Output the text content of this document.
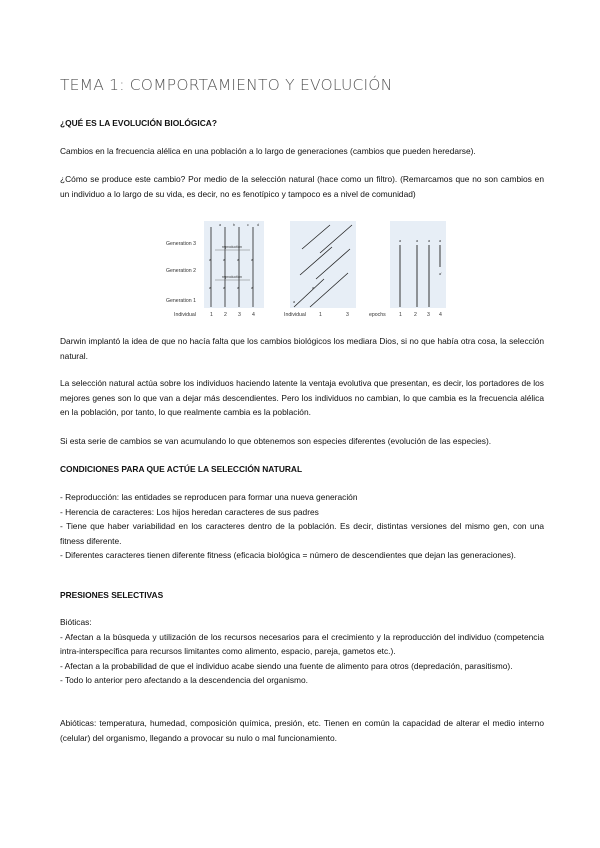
TEMA 1: COMPORTAMIENTO Y EVOLUCIÓN
¿QUÉ ES LA EVOLUCIÓN BIOLÓGICA?
Cambios en la frecuencia alélica en una población a lo largo de generaciones (cambios que pueden heredarse).
¿Cómo se produce este cambio? Por medio de la selección natural (hace como un filtro). (Remarcamos que no son cambios en un individuo a lo largo de su vida, es decir, no es fenotípico y tampoco es a nivel de comunidad)
Generation 3
Generation 2
Generation 1
a	b	c d
reproduction
reproduction
a	a	a	a'
a	a	a	a'
Individual	1 2 3 4
a
a
Individual	1	3
a	a	a	a
a'
epochs	1 2 3 4
Darwin implantó la idea de que no hacía falta que los cambios biológicos los mediara Dios, si no que había otra cosa, la selección natural.
La selección natural actúa sobre los individuos haciendo latente la ventaja evolutiva que presentan, es decir, los portadores de los mejores genes son lo que van a dejar más descendientes. Pero los individuos no cambian, lo que cambia es la frecuencia alélica en la población, por tanto, lo que realmente cambia es la población.
Si esta serie de cambios se van acumulando lo que obtenemos son especies diferentes (evolución de las especies).
CONDICIONES PARA QUE ACTÚE LA SELECCIÓN NATURAL
- Reproducción: las entidades se reproducen para formar una nueva generación
- Herencia de caracteres: Los hijos heredan caracteres de sus padres
- Tiene que haber variabilidad en los caracteres dentro de la población. Es decir, distintas versiones del mismo gen, con una fitness diferente.
- Diferentes caracteres tienen diferente fitness (eficacia biológica = número de descendientes que dejan las generaciones).
PRESIONES SELECTIVAS
Bióticas:
- Afectan a la búsqueda y utilización de los recursos necesarios para el crecimiento y la reproducción del individuo (competencia intra-interspecífica para recursos limitantes como alimento, espacio, pareja, gametos etc.).
- Afectan a la probabilidad de que el individuo acabe siendo una fuente de alimento para otros (depredación, parasitismo).
- Todo lo anterior pero afectando a la descendencia del organismo.
Abióticas: temperatura, humedad, composición química, presión, etc. Tienen en común la capacidad de alterar el medio interno (celular) del organismo, llegando a provocar su nulo o mal funcionamiento.
